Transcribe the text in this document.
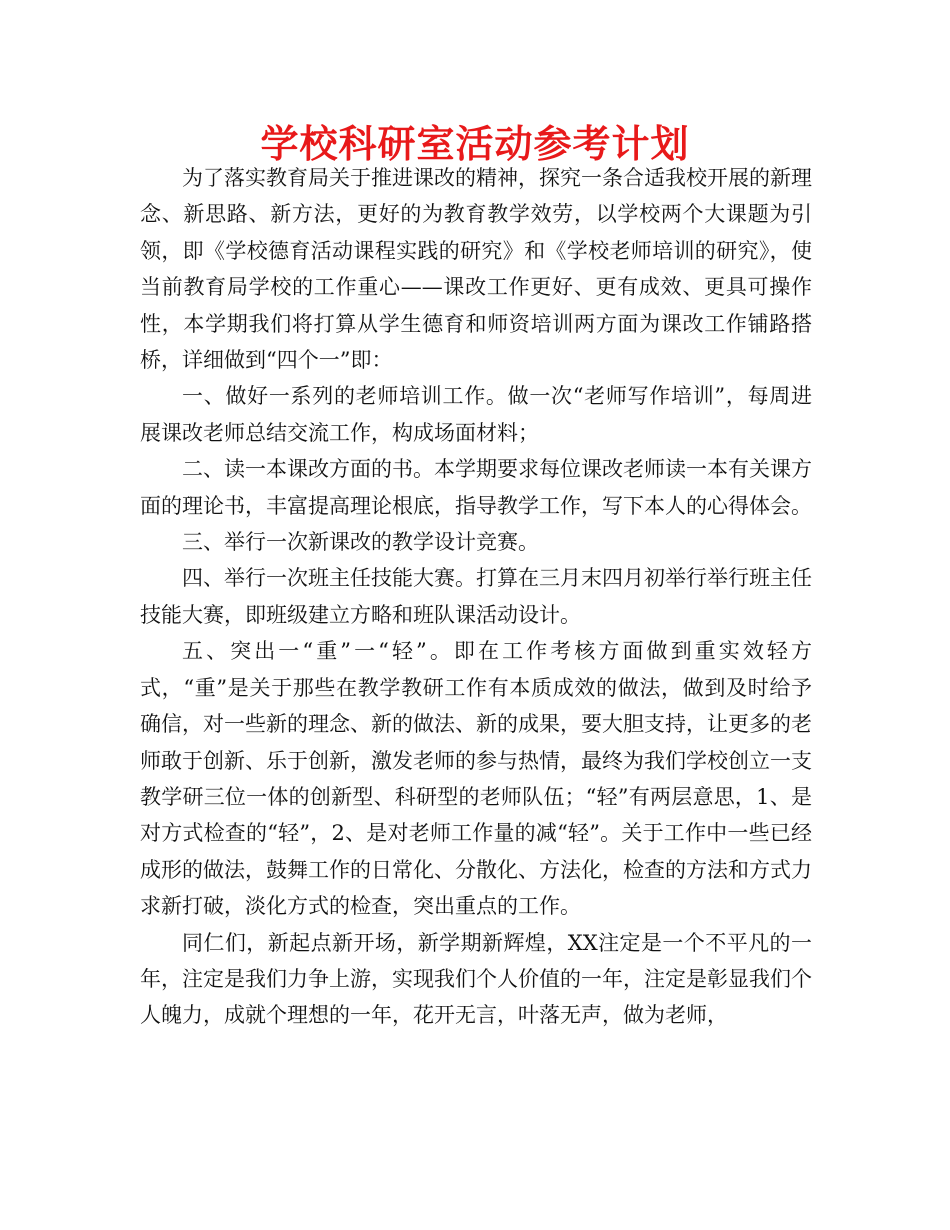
学校科研室活动参考计划

为了落实教育局关于推进课改的精神，探究一条合适我校开展的新理念、新思路、新方法，更好的为教育教学效劳，以学校两个大课题为引领，即《学校德育活动课程实践的研究》和《学校老师培训的研究》，使当前教育局学校的工作重心——课改工作更好、更有成效、更具可操作性，本学期我们将打算从学生德育和师资培训两方面为课改工作铺路搭桥，详细做到“四个一”即：

一、做好一系列的老师培训工作。做一次“老师写作培训”，每周进展课改老师总结交流工作，构成场面材料；

二、读一本课改方面的书。本学期要求每位课改老师读一本有关课方面的理论书，丰富提高理论根底，指导教学工作，写下本人的心得体会。

三、举行一次新课改的教学设计竞赛。

四、举行一次班主任技能大赛。打算在三月末四月初举行举行班主任技能大赛，即班级建立方略和班队课活动设计。

五、突出一“重”一“轻”。即在工作考核方面做到重实效轻方式，“重”是关于那些在教学教研工作有本质成效的做法，做到及时给予确信，对一些新的理念、新的做法、新的成果，要大胆支持，让更多的老师敢于创新、乐于创新，激发老师的参与热情，最终为我们学校创立一支教学研三位一体的创新型、科研型的老师队伍；“轻”有两层意思，1、是对方式检查的“轻”，2、是对老师工作量的减“轻”。关于工作中一些已经成形的做法，鼓舞工作的日常化、分散化、方法化，检查的方法和方式力求新打破，淡化方式的检查，突出重点的工作。

同仁们，新起点新开场，新学期新辉煌，XX注定是一个不平凡的一年，注定是我们力争上游，实现我们个人价值的一年，注定是彰显我们个人魄力，成就个理想的一年，花开无言，叶落无声，做为老师，
